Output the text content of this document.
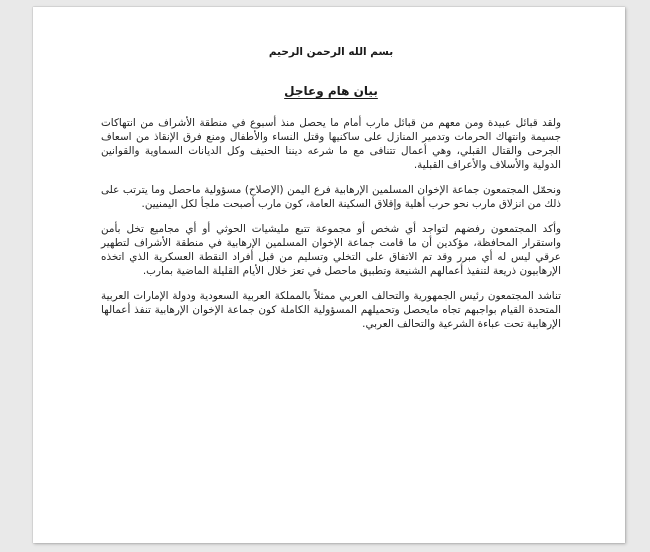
بسم الله الرحمن الرحيم
بيان هام وعاجل

ولقد قبائل عبيدة ومن معهم من قبائل مارب أمام ما يحصل منذ أسبوع في منطقة الأشراف من انتهاكات جسيمة وانتهاك الحرمات وتدمير المنازل على ساكنيها وقتل النساء والأطفال ومنع فرق الإنقاذ من اسعاف الجرحى والقتال القبلي، وهي أعمال تتنافى مع ما شرعه ديننا الحنيف وكل الديانات السماوية والقوانين الدولية والأسلاف والأعراف القبلية.

ونحمّل المجتمعون جماعة الإخوان المسلمين الإرهابية فرع اليمن (الإصلاح) مسؤولية ماحصل وما يترتب على ذلك من انزلاق مارب نحو حرب أهلية وإقلاق السكينة العامة، كون مارب أصبحت ملجأ لكل اليمنيين.

وأكد المجتمعون رفضهم لتواجد أي شخص أو مجموعة تتبع مليشيات الحوثي أو أي مجاميع تخل بأمن واستقرار المحافظة، مؤكدين أن ما قامت جماعة الإخوان المسلمين الإرهابية في منطقة الأشراف لتطهير عرقي ليس له أي مبرر وقد تم الاتفاق على التخلي وتسليم من قبل أفراد النقطة العسكرية الذي اتخذه الإرهابيون ذريعة لتنفيذ أعمالهم الشنيعة وتطبيق ماحصل في تعز خلال الأيام القليلة الماضية بمارب.

تناشد المجتمعون رئيس الجمهورية والتحالف العربي ممثلاً بالمملكة العربية السعودية ودولة الإمارات العربية المتحدة القيام بواجبهم تجاه مايحصل وتحميلهم المسؤولية الكاملة كون جماعة الإخوان الإرهابية تنفذ أعمالها الإرهابية تحت عباءة الشرعية والتحالف العربي.
